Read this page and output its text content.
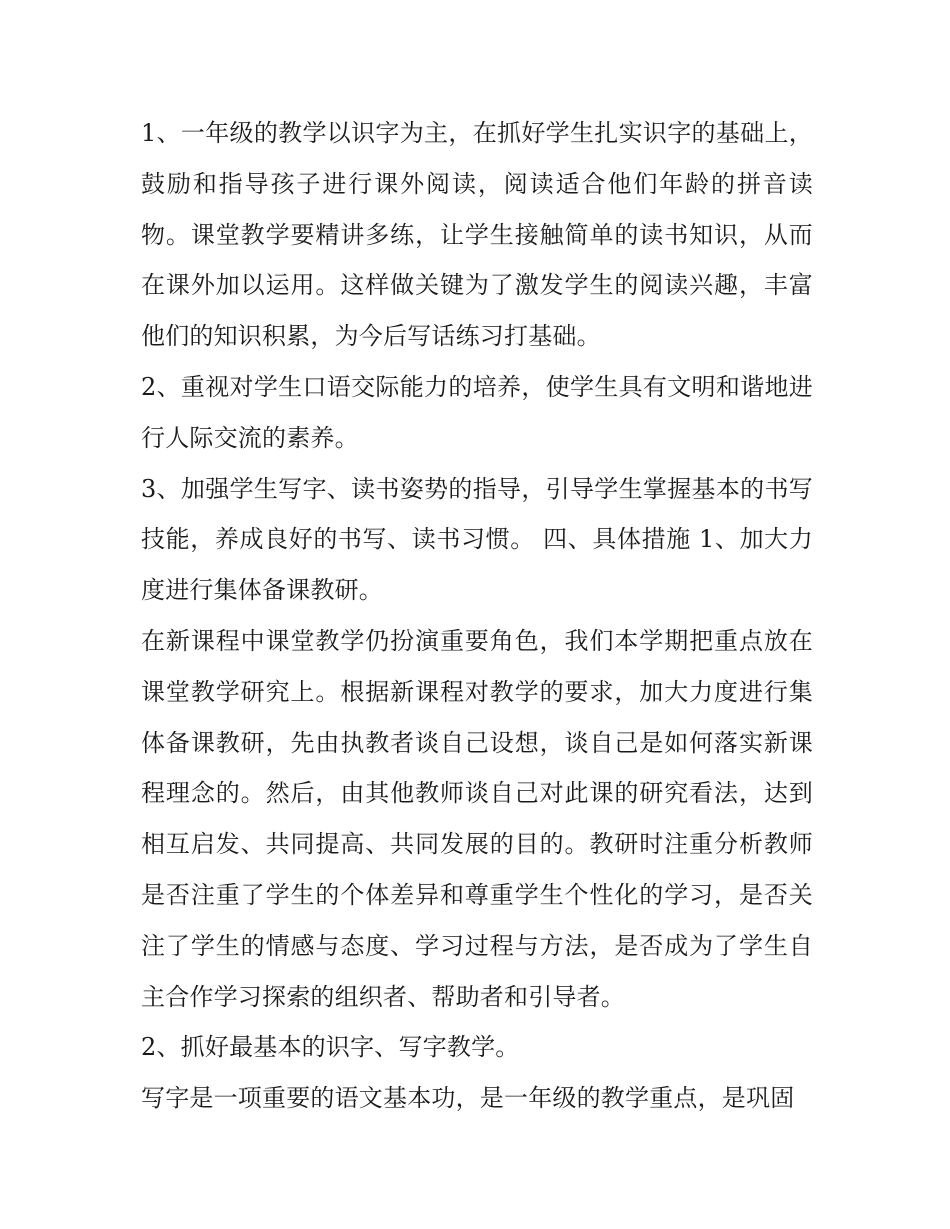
1、一年级的教学以识字为主，在抓好学生扎实识字的基础上，鼓励和指导孩子进行课外阅读，阅读适合他们年龄的拼音读物。课堂教学要精讲多练，让学生接触简单的读书知识，从而在课外加以运用。这样做关键为了激发学生的阅读兴趣，丰富他们的知识积累，为今后写话练习打基础。

2、重视对学生口语交际能力的培养，使学生具有文明和谐地进行人际交流的素养。

3、加强学生写字、读书姿势的指导，引导学生掌握基本的书写技能，养成良好的书写、读书习惯。 四、具体措施 1、加大力度进行集体备课教研。

在新课程中课堂教学仍扮演重要角色，我们本学期把重点放在课堂教学研究上。根据新课程对教学的要求，加大力度进行集体备课教研，先由执教者谈自己设想，谈自己是如何落实新课程理念的。然后，由其他教师谈自己对此课的研究看法，达到相互启发、共同提高、共同发展的目的。教研时注重分析教师是否注重了学生的个体差异和尊重学生个性化的学习，是否关注了学生的情感与态度、学习过程与方法，是否成为了学生自主合作学习探索的组织者、帮助者和引导者。

2、抓好最基本的识字、写字教学。

写字是一项重要的语文基本功，是一年级的教学重点，是巩固
